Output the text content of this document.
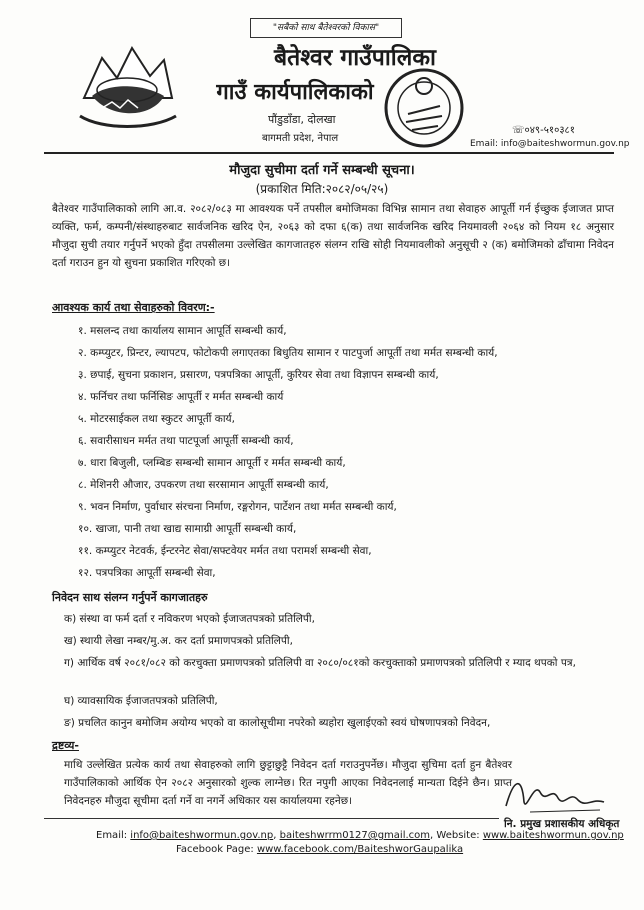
"सबैको साथ बैतेश्वरको विकास"
बैतेश्वर गाउँपालिका
गाउँ कार्यपालिकाको
पौंडुडाँडा, दोलखा
बागमती प्रदेश, नेपाल
☏०४९-५१०३८१
Email: info@baiteshwormun.gov.np
मौजुदा सुचीमा दर्ता गर्ने सम्बन्धी सूचना।
(प्रकाशित मिति:२०८२/०५/२५)
बैतेश्वर गाउँपालिकाको लागि आ.व. २०८२/०८३ मा आवश्यक पर्ने तपसील बमोजिमका विभिन्न सामान तथा सेवाहरु आपूर्ती गर्न ईच्छुक ईजाजत प्राप्त व्यक्ति, फर्म, कम्पनी/संस्थाहरुबाट सार्वजनिक खरिद ऐन, २०६३ को दफा ६(क) तथा सार्वजनिक खरिद नियमावली २०६४ को नियम १८ अनुसार मौजुदा सुची तयार गर्नुपर्ने भएको हुँदा तपसीलमा उल्लेखित कागजातहरु संलग्न राखि सोही नियमावलीको अनुसूची २ (क) बमोजिमको ढाँचामा निवेदन दर्ता गराउन हुन यो सुचना प्रकाशित गरिएको छ।
आवश्यक कार्य तथा सेवाहरुको विवरण:-
१. मसलन्द तथा कार्यालय सामान आपूर्ति सम्बन्धी कार्य,
२. कम्प्युटर, प्रिन्टर, ल्यापटप, फोटोकपी लगाएतका बिधुतिय सामान र पाटपुर्जा आपूर्ती तथा मर्मत सम्बन्धी कार्य,
३. छपाई, सुचना प्रकाशन, प्रसारण, पत्रपत्रिका आपूर्ती, कुरियर सेवा तथा विज्ञापन सम्बन्धी कार्य,
४. फर्निचर तथा फर्निसिङ आपूर्ती र मर्मत सम्बन्धी कार्य
५. मोटरसाईकल तथा स्कुटर आपूर्ती कार्य,
६. सवारीसाधन मर्मत तथा पाटपूर्जा आपूर्ती सम्बन्धी कार्य,
७. धारा बिजुली, प्लम्बिङ सम्बन्धी सामान आपूर्ती र मर्मत सम्बन्धी कार्य,
८. मेशिनरी औजार, उपकरण तथा सरसामान आपूर्ती सम्बन्धी कार्य,
९. भवन निर्माण, पुर्वाधार संरचना निर्माण, रङ्गरोगन, पार्टेशन तथा मर्मत सम्बन्धी कार्य,
१०. खाजा, पानी तथा खाद्य सामाग्री आपूर्ती सम्बन्धी कार्य,
११. कम्प्युटर नेटवर्क, ईन्टरनेट सेवा/सफ्टवेयर मर्मत तथा परामर्श सम्बन्धी सेवा,
१२. पत्रपत्रिका आपूर्ती सम्बन्धी सेवा,
निवेदन साथ संलग्न गर्नुपर्ने कागजातहरु
क) संस्था वा फर्म दर्ता र नविकरण भएको ईजाजतपत्रको प्रतिलिपी,
ख) स्थायी लेखा नम्बर/मु.अ. कर दर्ता प्रमाणपत्रको प्रतिलिपी,
ग) आर्थिक वर्ष २०८१/०८२ को करचुक्ता प्रमाणपत्रको प्रतिलिपी वा २०८०/०८१को करचुक्ताको प्रमाणपत्रको प्रतिलिपी र म्याद थपको पत्र,
घ) व्यावसायिक ईजाजतपत्रको प्रतिलिपी,
ङ) प्रचलित कानुन बमोजिम अयोग्य भएको वा कालोसूचीमा नपरेको ब्यहोरा खुलाईएको स्वयं घोषणापत्रको निवेदन,
द्रष्टव्य-
माथि उल्लेखित प्रत्येक कार्य तथा सेवाहरुको लागि छुट्टाछुट्टै निवेदन दर्ता गराउनुपर्नेछ। मौजुदा सुचिमा दर्ता हुन बैतेश्वर गाउँपालिकाको आर्थिक ऐन २०८२ अनुसारको शुल्क लाग्नेछ। रित नपुगी आएका निवेदनलाई मान्यता दिईने छैन। प्राप्त निवेदनहरु मौजुदा सूचीमा दर्ता गर्ने वा नगर्ने अधिकार यस कार्यालयमा रहनेछ।
नि. प्रमुख प्रशासकीय अधिकृत
Email: info@baiteshwormun.gov.np, baiteshwrrm0127@gmail.com, Website: www.baiteshwormun.gov.np
Facebook Page: www.facebook.com/BaiteshworGaupalika
